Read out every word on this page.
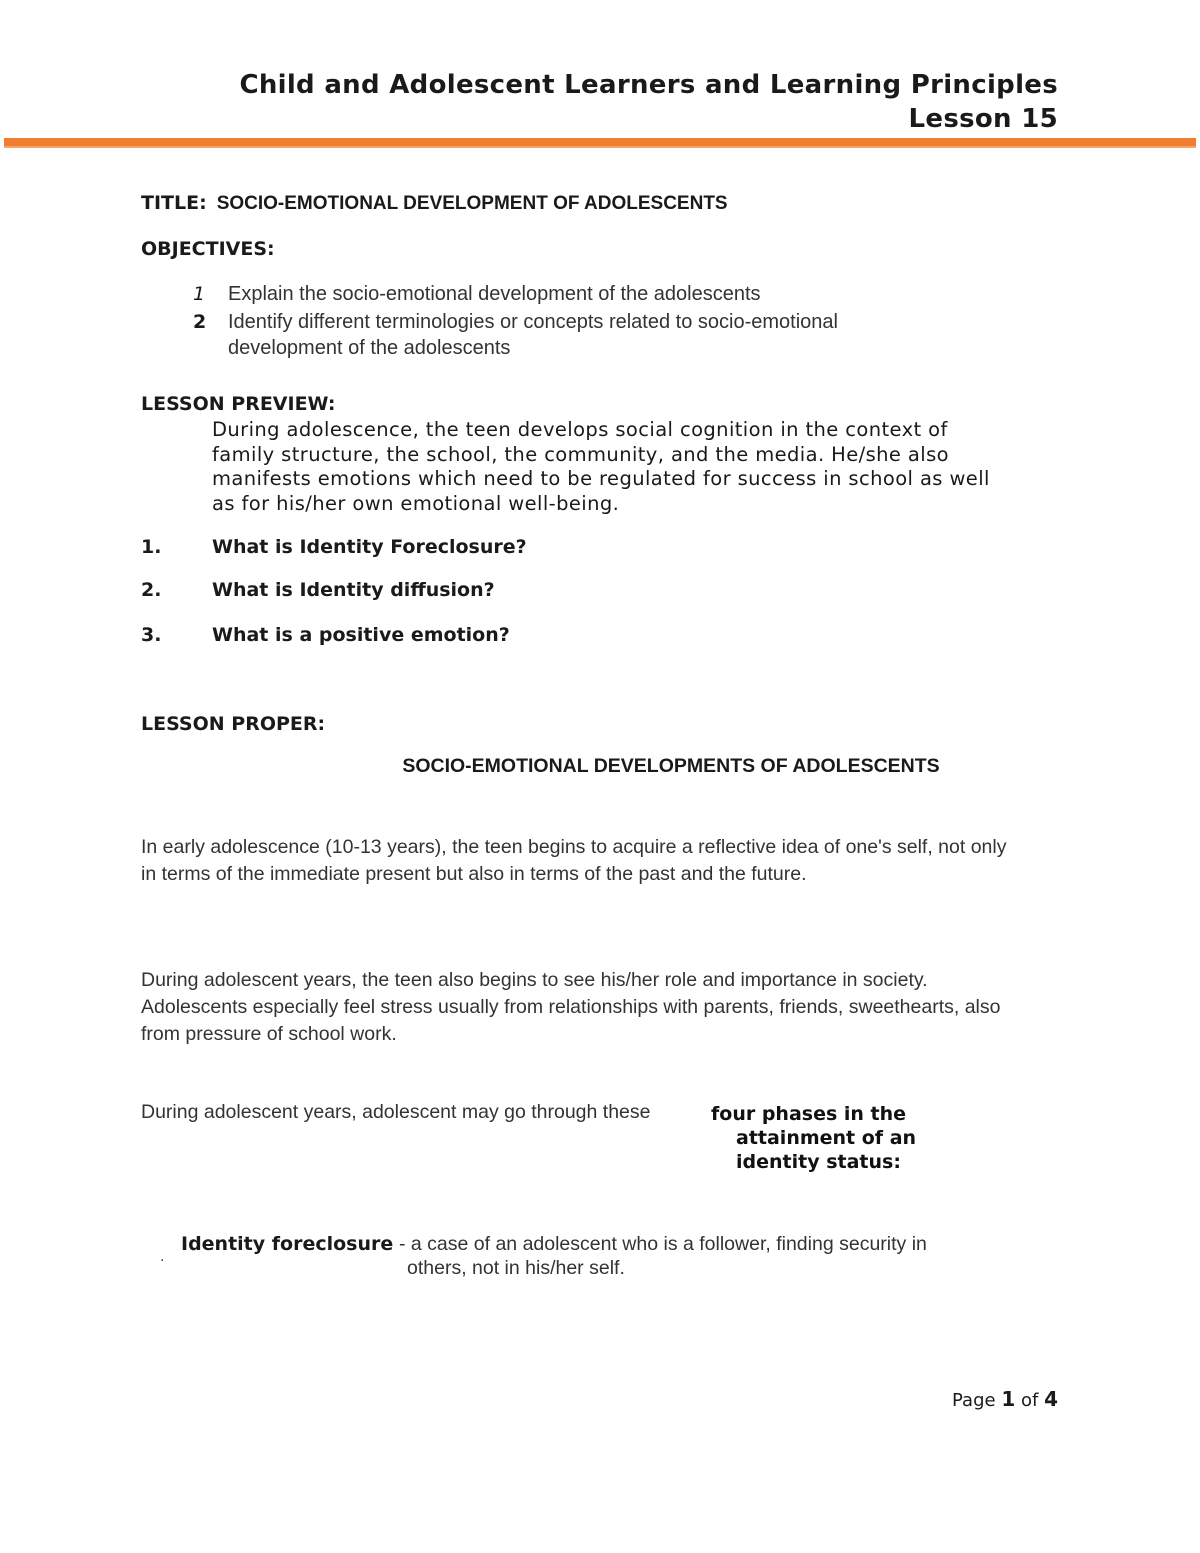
Child and Adolescent Learners and Learning Principles
Lesson 15
TITLE: SOCIO-EMOTIONAL DEVELOPMENT OF ADOLESCENTS
OBJECTIVES:
1 Explain the socio-emotional development of the adolescents
2 Identify different terminologies or concepts related to socio-emotional development of the adolescents
LESSON PREVIEW:
During adolescence, the teen develops social cognition in the context of family structure, the school, the community, and the media. He/she also manifests emotions which need to be regulated for success in school as well as for his/her own emotional well-being.
1.	What is Identity Foreclosure?
2.	What is Identity diffusion?
3.	What is a positive emotion?
LESSON PROPER:
SOCIO-EMOTIONAL DEVELOPMENTS OF ADOLESCENTS
In early adolescence (10-13 years), the teen begins to acquire a reflective idea of one's self, not only in terms of the immediate present but also in terms of the past and the future.
During adolescent years, the teen also begins to see his/her role and importance in society. Adolescents especially feel stress usually from relationships with parents, friends, sweethearts, also from pressure of school work.
During adolescent years, adolescent may go through these	four phases in the
attainment of an
identity status:
.
Identity foreclosure - a case of an adolescent who is a follower, finding security in
others, not in his/her self.
Page 1 of 4
